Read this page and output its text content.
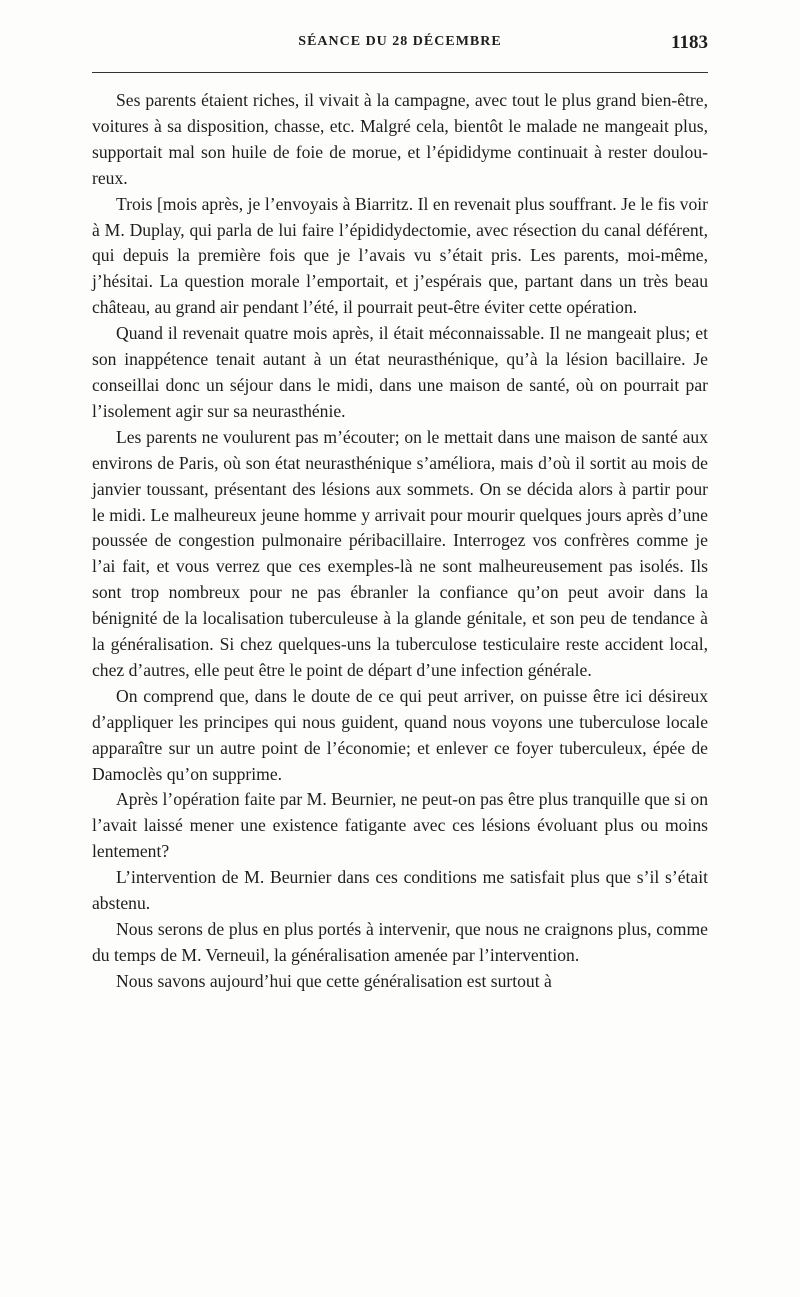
SÉANCE DU 28 DÉCEMBRE	1183

Ses parents étaient riches, il vivait à la campagne, avec tout le plus grand bien-être, voitures à sa disposition, chasse, etc. Malgré cela, bientôt le malade ne mangeait plus, supportait mal son huile de foie de morue, et l’épididyme continuait à rester douloureux.

Trois [mois après, je l’envoyais à Biarritz. Il en revenait plus souffrant. Je le fis voir à M. Duplay, qui parla de lui faire l’épididydectomie, avec résection du canal déférent, qui depuis la première fois que je l’avais vu s’était pris. Les parents, moi-même, j’hésitai. La question morale l’emportait, et j’espérais que, partant dans un très beau château, au grand air pendant l’été, il pourrait peut-être éviter cette opération.

Quand il revenait quatre mois après, il était méconnaissable. Il ne mangeait plus; et son inappétence tenait autant à un état neurasthénique, qu’à la lésion bacillaire. Je conseillai donc un séjour dans le midi, dans une maison de santé, où on pourrait par l’isolement agir sur sa neurasthénie.

Les parents ne voulurent pas m’écouter; on le mettait dans une maison de santé aux environs de Paris, où son état neurasthénique s’améliora, mais d’où il sortit au mois de janvier toussant, présentant des lésions aux sommets. On se décida alors à partir pour le midi. Le malheureux jeune homme y arrivait pour mourir quelques jours après d’une poussée de congestion pulmonaire péribacillaire. Interrogez vos confrères comme je l’ai fait, et vous verrez que ces exemples-là ne sont malheureusement pas isolés. Ils sont trop nombreux pour ne pas ébranler la confiance qu’on peut avoir dans la bénignité de la localisation tuberculeuse à la glande génitale, et son peu de tendance à la généralisation. Si chez quelques-uns la tuberculose testiculaire reste accident local, chez d’autres, elle peut être le point de départ d’une infection générale.

On comprend que, dans le doute de ce qui peut arriver, on puisse être ici désireux d’appliquer les principes qui nous guident, quand nous voyons une tuberculose locale apparaître sur un autre point de l’économie; et enlever ce foyer tuberculeux, épée de Damoclès qu’on supprime.

Après l’opération faite par M. Beurnier, ne peut-on pas être plus tranquille que si on l’avait laissé mener une existence fatigante avec ces lésions évoluant plus ou moins lentement?

L’intervention de M. Beurnier dans ces conditions me satisfait plus que s’il s’était abstenu.

Nous serons de plus en plus portés à intervenir, que nous ne craignons plus, comme du temps de M. Verneuil, la généralisation amenée par l’intervention.

Nous savons aujourd’hui que cette généralisation est surtout à
